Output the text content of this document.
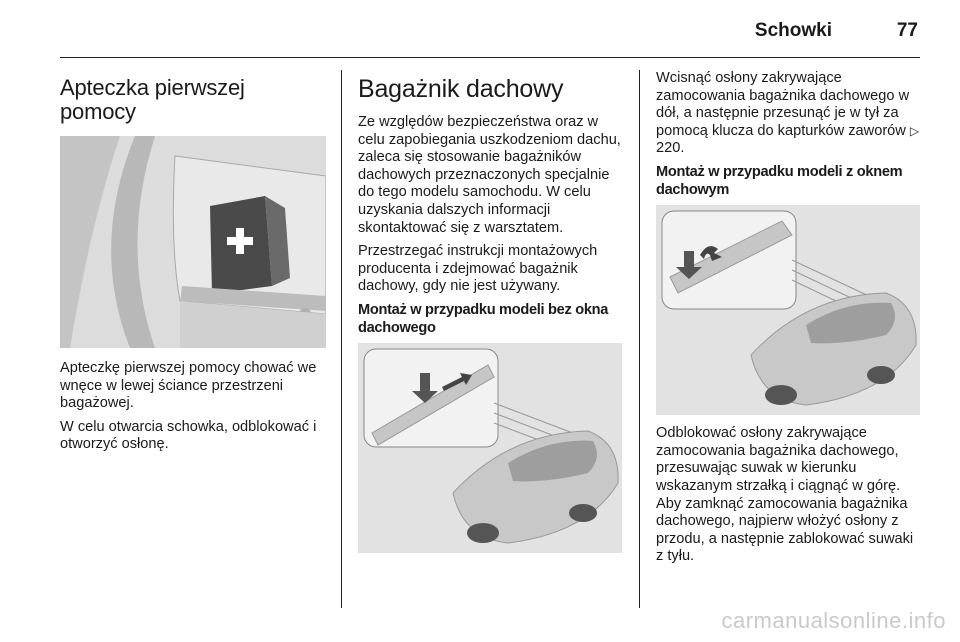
Schowki	77
Apteczka pierwszej pomocy

Apteczkę pierwszej pomocy chować we wnęce w lewej ściance przestrzeni bagażowej.

W celu otwarcia schowka, odblokować i otworzyć osłonę.

Bagażnik dachowy

Ze względów bezpieczeństwa oraz w celu zapobiegania uszkodzeniom dachu, zaleca się stosowanie bagażników dachowych przeznaczonych specjalnie do tego modelu samochodu. W celu uzyskania dalszych informacji skontaktować się z warsztatem.

Przestrzegać instrukcji montażowych producenta i zdejmować bagażnik dachowy, gdy nie jest używany.

Montaż w przypadku modeli bez okna dachowego

Wcisnąć osłony zakrywające zamocowania bagażnika dachowego w dół, a następnie przesunąć je w tył za pomocą klucza do kapturków zaworów ▷ 220.

Montaż w przypadku modeli z oknem dachowym

Odblokować osłony zakrywające zamocowania bagażnika dachowego, przesuwając suwak w kierunku wskazanym strzałką i ciągnąć w górę. Aby zamknąć zamocowania bagażnika dachowego, najpierw włożyć osłony z przodu, a następnie zablokować suwaki z tyłu.

carmanualsonline.info
